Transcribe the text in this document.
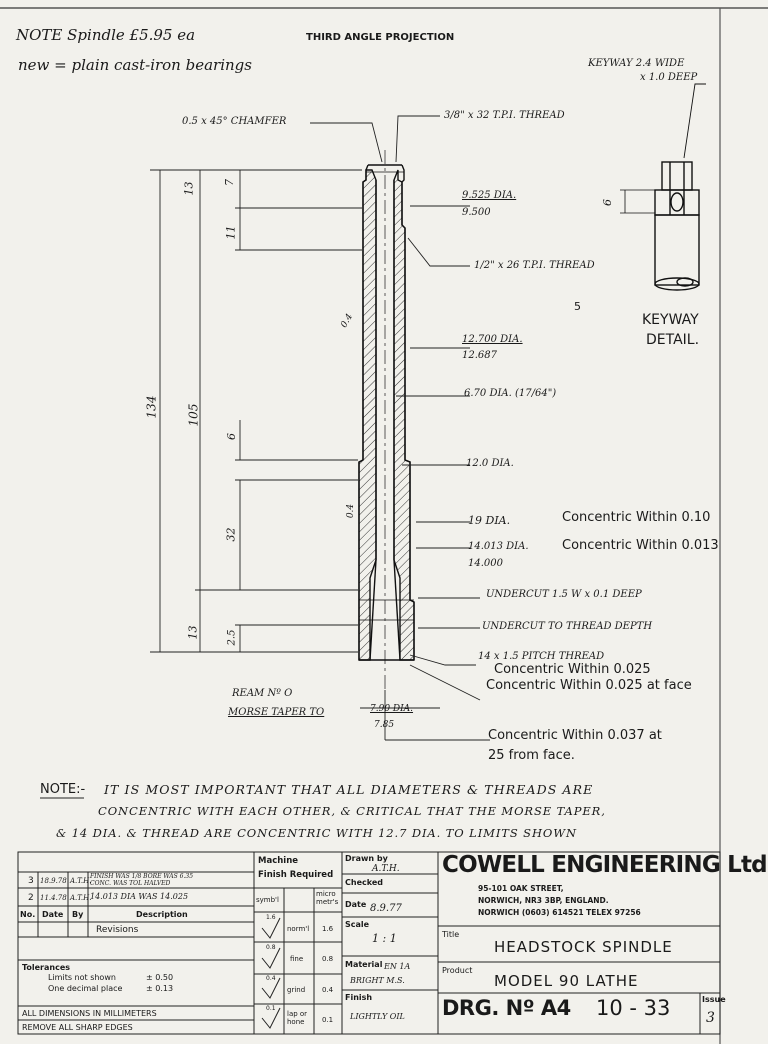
NOTE Spindle £5.95 ea	THIRD ANGLE PROJECTION
new = plain cast-iron bearings
0.5 x 45° CHAMFER
3/8" x 32 T.P.I. THREAD
9.525 DIA.
9.500
1/2" x 26 T.P.I. THREAD
5
12.700 DIA.
12.687
6.70 DIA. (17/64")
12.0 DIA.
19 DIA.	Concentric Within 0.10
14.013 DIA.	Concentric Within 0.013
14.000
UNDERCUT 1.5 W x 0.1 DEEP
UNDERCUT TO THREAD DEPTH
14 x 1.5 PITCH THREAD
Concentric Within 0.025
Concentric Within 0.025 at face
REAM Nº O
MORSE TAPER TO	7.90 DIA.
7.85
Concentric Within 0.037 at
25 from face.
0.4
0.4
134 105
13	7
11
6
32
13	2.5
KEYWAY 2.4 WIDE
x 1.0 DEEP
6
KEYWAY
DETAIL.
NOTE:- IT IS MOST IMPORTANT THAT ALL DIAMETERS & THREADS ARE
CONCENTRIC WITH EACH OTHER, & CRITICAL THAT THE MORSE TAPER,
& 14 DIA. & THREAD ARE CONCENTRIC WITH 12.7 DIA. TO LIMITS SHOWN
3 18.9.78 A.T.H.
FINISH WAS 1/8 BORE WAS 6.35
CONC. WAS TOL HALVED
2 11.4.78 A.T.H.
14.013 DIA WAS 14.025
No. Date By	Description
Revisions
Tolerances
Limits not shown	± 0.50
One decimal place	± 0.13
ALL DIMENSIONS IN MILLIMETERS
REMOVE ALL SHARP EDGES
Machine
Finish Required
symb'l
micro metr's
1.6
norm'l 1.6
0.8
fine	0.8
0.4
grind 0.4
0.1
lap or hone	0.1
Drawn by
A.T.H.
Checked
Date 8.9.77
Scale
1 : 1
Material EN 1A
BRIGHT M.S.
Finish
LIGHTLY OIL
COWELL ENGINEERING Ltd
95-101 OAK STREET,
NORWICH, NR3 3BP, ENGLAND.
NORWICH (0603) 614521 TELEX 97256
Title
HEADSTOCK SPINDLE
Product
MODEL 90 LATHE
DRG. Nº A4 10 - 33	Issue
3
